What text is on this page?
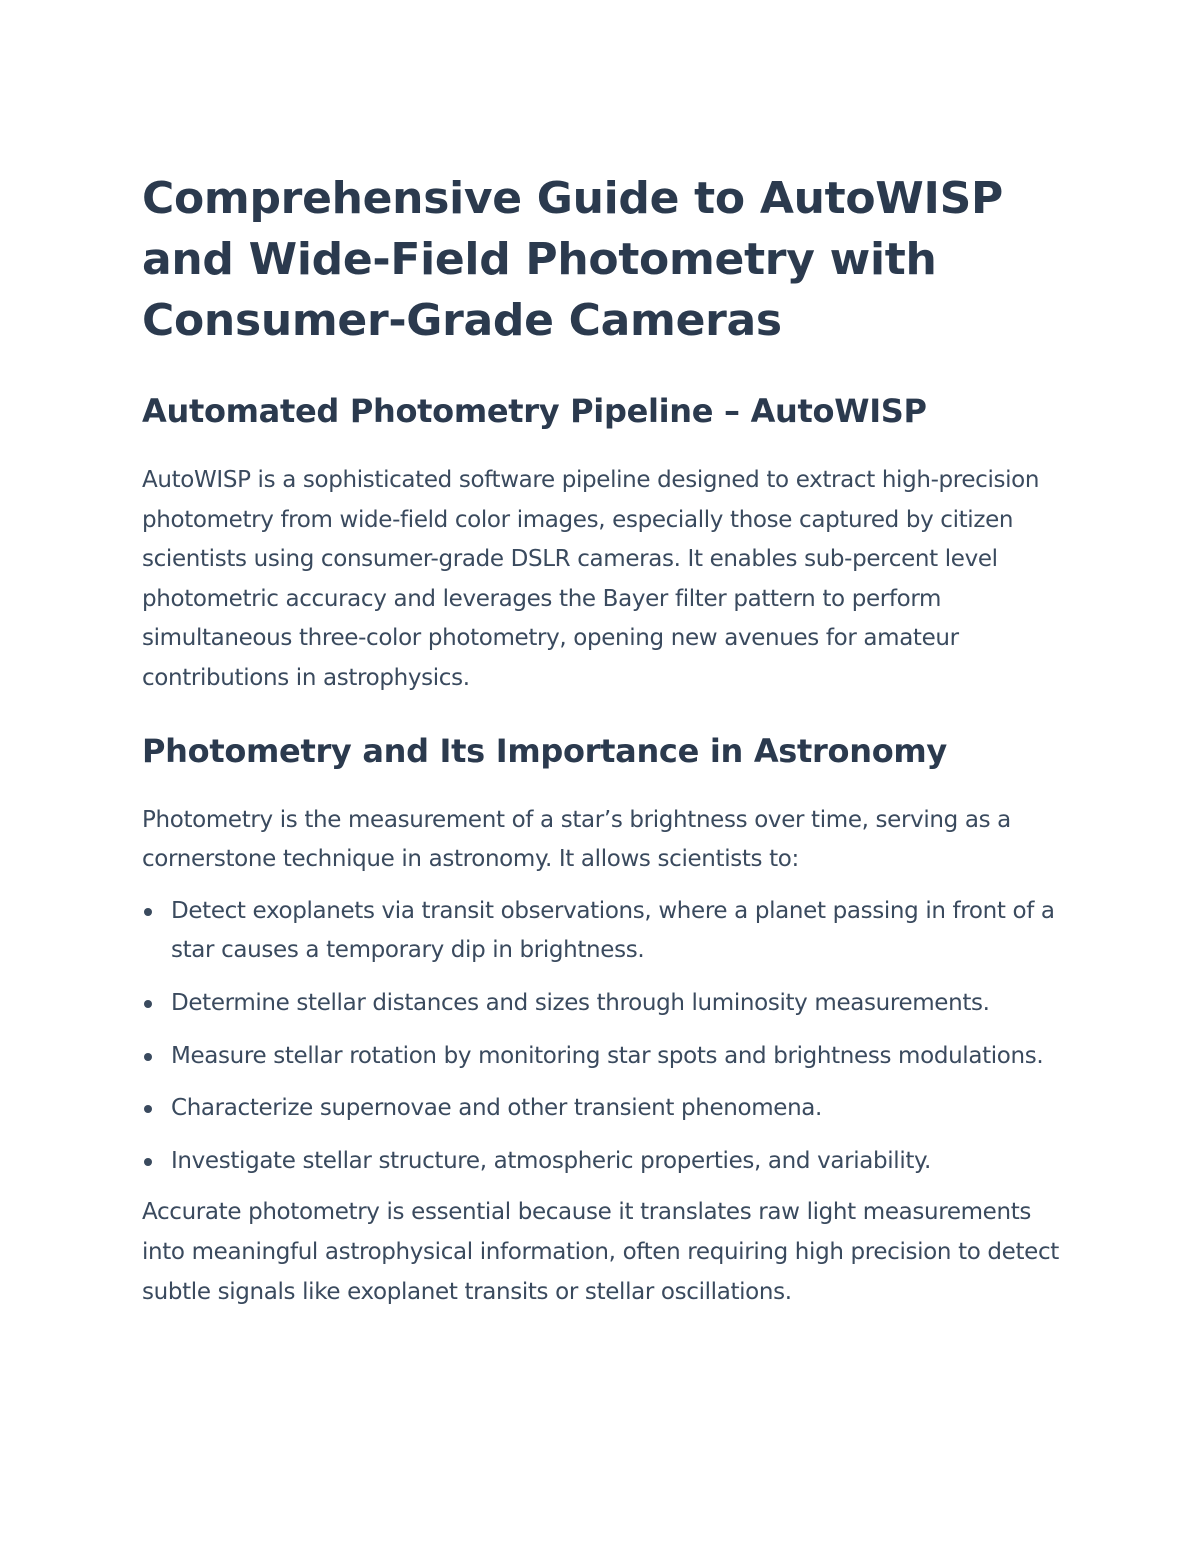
Comprehensive Guide to AutoWISP and Wide-Field Photometry with Consumer-Grade Cameras
Automated Photometry Pipeline – AutoWISP

AutoWISP is a sophisticated software pipeline designed to extract high-precision photometry from wide-field color images, especially those captured by citizen scientists using consumer-grade DSLR cameras. It enables sub-percent level photometric accuracy and leverages the Bayer filter pattern to perform simultaneous three-color photometry, opening new avenues for amateur contributions in astrophysics.

Photometry and Its Importance in Astronomy

Photometry is the measurement of a star’s brightness over time, serving as a cornerstone technique in astronomy. It allows scientists to:

Detect exoplanets via transit observations, where a planet passing in front of a star causes a temporary dip in brightness.
Determine stellar distances and sizes through luminosity measurements.
Measure stellar rotation by monitoring star spots and brightness modulations.
Characterize supernovae and other transient phenomena.
Investigate stellar structure, atmospheric properties, and variability.

Accurate photometry is essential because it translates raw light measurements into meaningful astrophysical information, often requiring high precision to detect subtle signals like exoplanet transits or stellar oscillations.
